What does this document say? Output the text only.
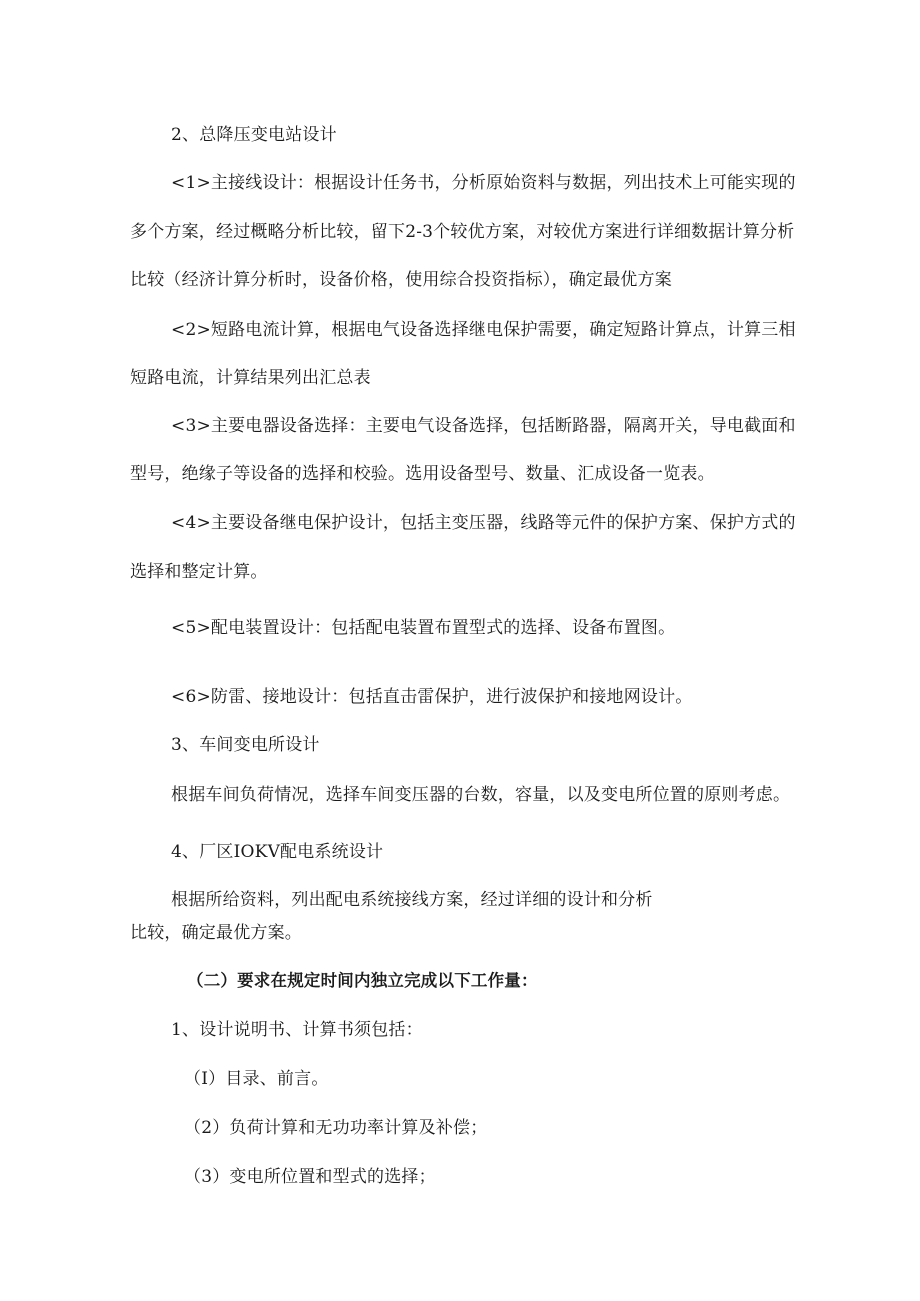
2、总降压变电站设计
<1>主接线设计：根据设计任务书，分析原始资料与数据，列出技术上可能实现的
多个方案，经过概略分析比较，留下2-3个较优方案，对较优方案进行详细数据计算分析
比较（经济计算分析时，设备价格，使用综合投资指标），确定最优方案
<2>短路电流计算，根据电气设备选择继电保护需要，确定短路计算点，计算三相
短路电流，计算结果列出汇总表
<3>主要电器设备选择：主要电气设备选择，包括断路器，隔离开关，导电截面和
型号，绝缘子等设备的选择和校验。选用设备型号、数量、汇成设备一览表。
<4>主要设备继电保护设计，包括主变压器，线路等元件的保护方案、保护方式的
选择和整定计算。
<5>配电装置设计：包括配电装置布置型式的选择、设备布置图。
<6>防雷、接地设计：包括直击雷保护，进行波保护和接地网设计。
3、车间变电所设计
根据车间负荷情况，选择车间变压器的台数，容量，以及变电所位置的原则考虑。
4、厂区IOKV配电系统设计
根据所给资料，列出配电系统接线方案，经过详细的设计和分析
比较，确定最优方案。
（二）要求在规定时间内独立完成以下工作量：
1、设计说明书、计算书须包括：
（I）目录、前言。
（2）负荷计算和无功功率计算及补偿；
（3）变电所位置和型式的选择；
